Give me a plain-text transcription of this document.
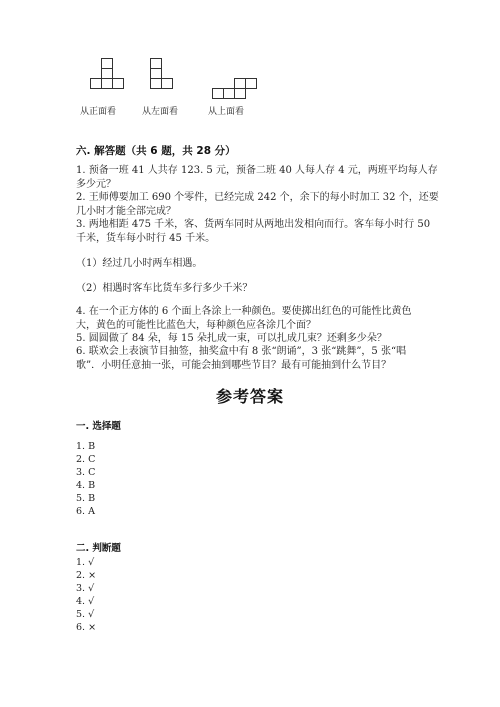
从正面看	从左面看	从上面看
六. 解答题（共 6 题，共 28 分）
1. 预备一班 41 人共存 123. 5 元，预备二班 40 人每人存 4 元，两班平均每人存
多少元？
2. 王师傅要加工 690 个零件，已经完成 242 个，余下的每小时加工 32 个，还要
几小时才能全部完成？
3. 两地相距 475 千米，客、货两车同时从两地出发相向而行。客车每小时行 50
千米，货车每小时行 45 千米。
（1）经过几小时两车相遇。
（2）相遇时客车比货车多行多少千米？
4. 在一个正方体的 6 个面上各涂上一种颜色。要使掷出红色的可能性比黄色
大，黄色的可能性比蓝色大，每种颜色应各涂几个面？
5. 圆圆做了 84 朵，每 15 朵扎成一束，可以扎成几束？还剩多少朵？
6. 联欢会上表演节目抽签，抽奖盒中有 8 张“朗诵”，3 张“跳舞”，5 张“唱
歌”．小明任意抽一张，可能会抽到哪些节目？最有可能抽到什么节目？
参考答案
一. 选择题
1. B
2. C
3. C
4. B
5. B
6. A
二. 判断题
1. √
2. ×
3. √
4. √
5. √
6. ×
